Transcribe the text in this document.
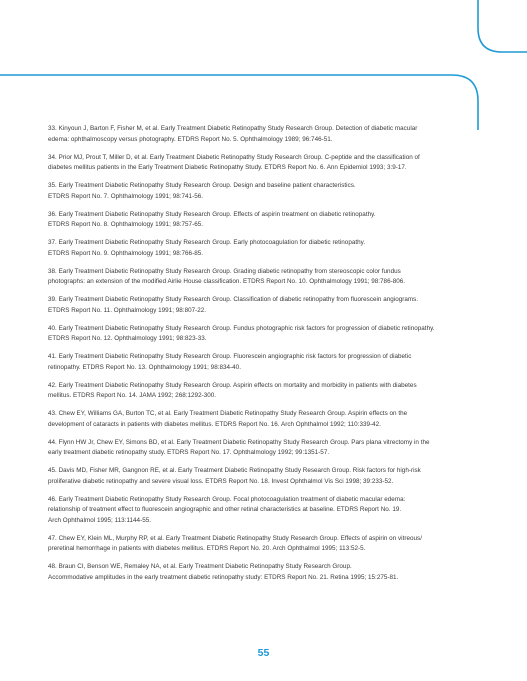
33. Kinyoun J, Barton F, Fisher M, et al. Early Treatment Diabetic Retinopathy Study Research Group. Detection of diabetic macular
edema: ophthalmoscopy versus photography. ETDRS Report No. 5. Ophthalmology 1989; 96:746-51.
34. Prior MJ, Prout T, Miller D, et al. Early Treatment Diabetic Retinopathy Study Research Group. C-peptide and the classification of
diabetes mellitus patients in the Early Treatment Diabetic Retinopathy Study. ETDRS Report No. 6. Ann Epidemiol 1993; 3:9-17.
35. Early Treatment Diabetic Retinopathy Study Research Group. Design and baseline patient characteristics.
ETDRS Report No. 7. Ophthalmology 1991; 98:741-56.
36. Early Treatment Diabetic Retinopathy Study Research Group. Effects of aspirin treatment on diabetic retinopathy.
ETDRS Report No. 8. Ophthalmology 1991; 98:757-65.
37. Early Treatment Diabetic Retinopathy Study Research Group. Early photocoagulation for diabetic retinopathy.
ETDRS Report No. 9. Ophthalmology 1991; 98:766-85.
38. Early Treatment Diabetic Retinopathy Study Research Group. Grading diabetic retinopathy from stereoscopic color fundus
photographs: an extension of the modified Airlie House classification. ETDRS Report No. 10. Ophthalmology 1991; 98:786-806.
39. Early Treatment Diabetic Retinopathy Study Research Group. Classification of diabetic retinopathy from fluorescein angiograms.
ETDRS Report No. 11. Ophthalmology 1991; 98:807-22.
40. Early Treatment Diabetic Retinopathy Study Research Group. Fundus photographic risk factors for progression of diabetic retinopathy.
ETDRS Report No. 12. Ophthalmology 1991; 98:823-33.
41. Early Treatment Diabetic Retinopathy Study Research Group. Fluorescein angiographic risk factors for progression of diabetic
retinopathy. ETDRS Report No. 13. Ophthalmology 1991; 98:834-40.
42. Early Treatment Diabetic Retinopathy Study Research Group. Aspirin effects on mortality and morbidity in patients with diabetes
mellitus. ETDRS Report No. 14. JAMA 1992; 268:1292-300.
43. Chew EY, Williams GA, Burton TC, et al. Early Treatment Diabetic Retinopathy Study Research Group. Aspirin effects on the
development of cataracts in patients with diabetes mellitus. ETDRS Report No. 16. Arch Ophthalmol 1992; 110:339-42.
44. Flynn HW Jr, Chew EY, Simons BD, et al. Early Treatment Diabetic Retinopathy Study Research Group. Pars plana vitrectomy in the
early treatment diabetic retinopathy study. ETDRS Report No. 17. Ophthalmology 1992; 99:1351-57.
45. Davis MD, Fisher MR, Gangnon RE, et al. Early Treatment Diabetic Retinopathy Study Research Group. Risk factors for high-risk
proliferative diabetic retinopathy and severe visual loss. ETDRS Report No. 18. Invest Ophthalmol Vis Sci 1998; 39:233-52.
46. Early Treatment Diabetic Retinopathy Study Research Group. Focal photocoagulation treatment of diabetic macular edema:
relationship of treatment effect to fluorescein angiographic and other retinal characteristics at baseline. ETDRS Report No. 19.
Arch Ophthalmol 1995; 113:1144-55.
47. Chew EY, Klein ML, Murphy RP, et al. Early Treatment Diabetic Retinopathy Study Research Group. Effects of aspirin on vitreous/
preretinal hemorrhage in patients with diabetes mellitus. ETDRS Report No. 20. Arch Ophthalmol 1995; 113:52-5.
48. Braun CI, Benson WE, Remaley NA, et al. Early Treatment Diabetic Retinopathy Study Research Group.
Accommodative amplitudes in the early treatment diabetic retinopathy study: ETDRS Report No. 21. Retina 1995; 15:275-81.
55
